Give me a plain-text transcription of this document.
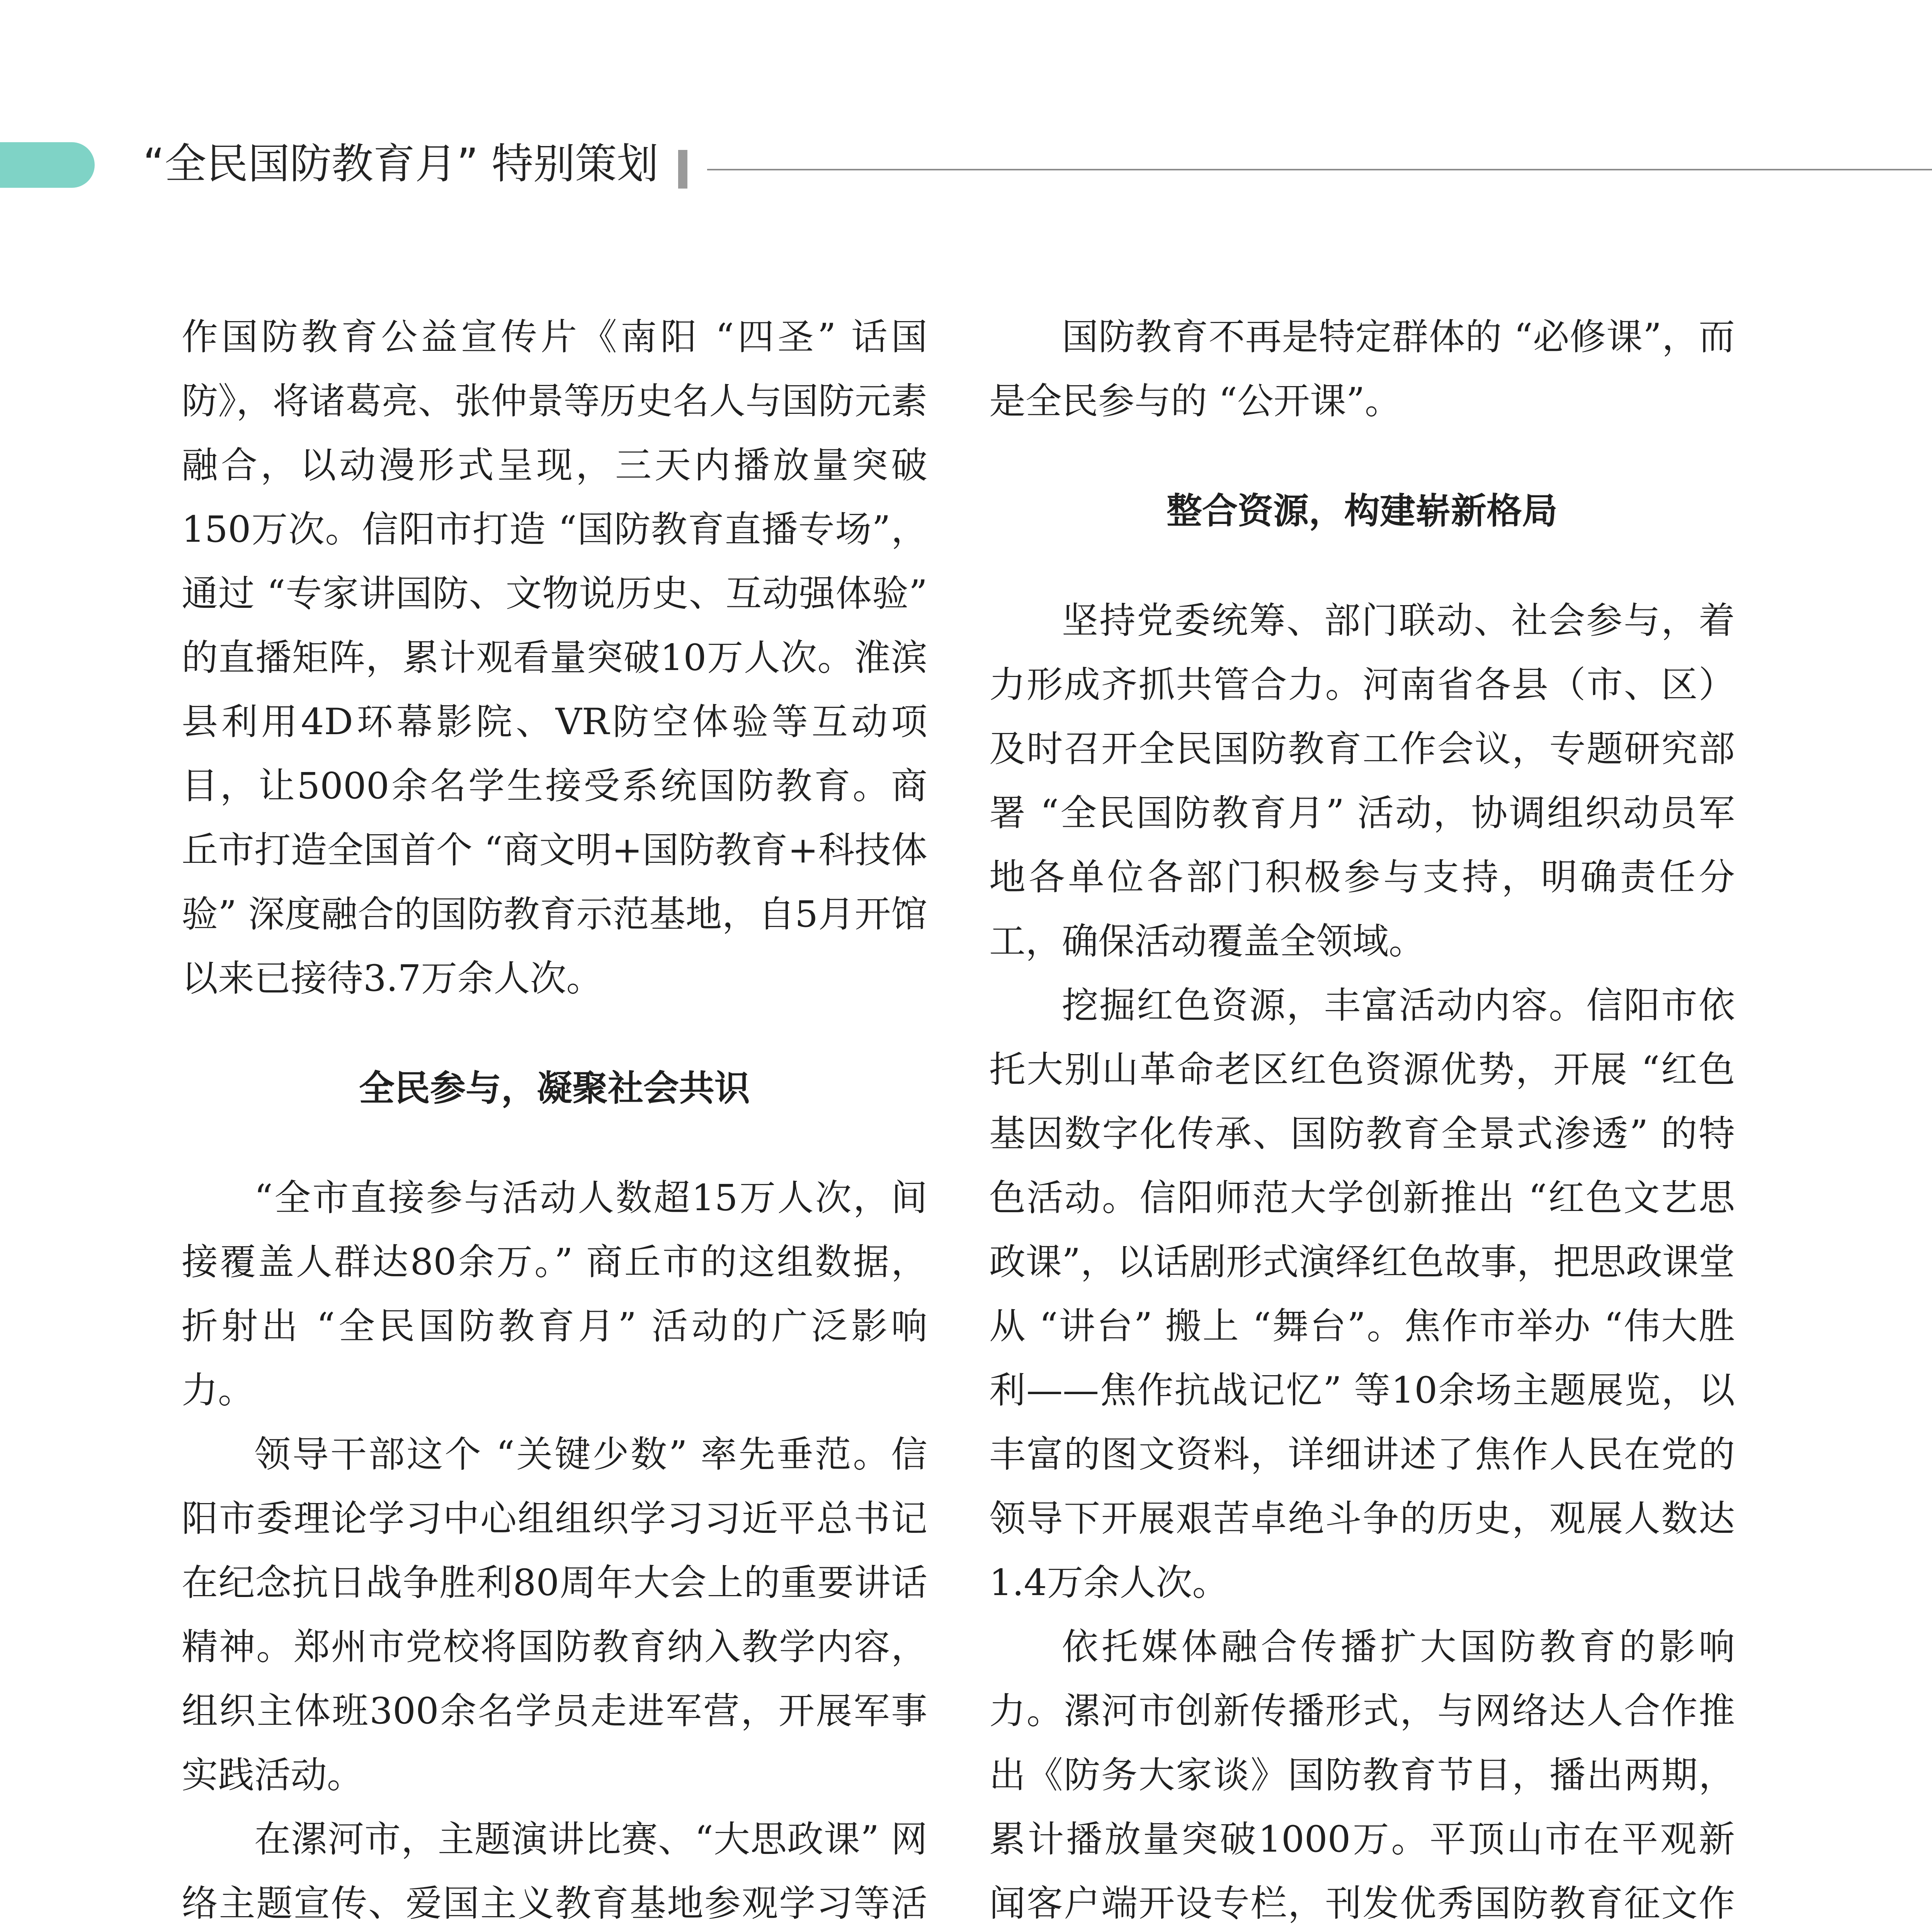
“全民国防教育月” 特别策划

作国防教育公益宣传片《南阳 “四圣” 话国防》，将诸葛亮、张仲景等历史名人与国防元素融合，以动漫形式呈现，三天内播放量突破150万次。信阳市打造 “国防教育直播专场”，通过 “专家讲国防、文物说历史、互动强体验” 的直播矩阵，累计观看量突破10万人次。淮滨县利用4D环幕影院、VR防空体验等互动项目，让5000余名学生接受系统国防教育。商丘市打造全国首个 “商文明+国防教育+科技体验” 深度融合的国防教育示范基地，自5月开馆以来已接待3.7万余人次。

全民参与，凝聚社会共识

“全市直接参与活动人数超15万人次，间接覆盖人群达80余万。” 商丘市的这组数据，折射出 “全民国防教育月” 活动的广泛影响力。

领导干部这个 “关键少数” 率先垂范。信阳市委理论学习中心组组织学习习近平总书记在纪念抗日战争胜利80周年大会上的重要讲话精神。郑州市党校将国防教育纳入教学内容，组织主体班300余名学员走进军营，开展军事实践活动。

在漯河市，主题演讲比赛、“大思政课” 网络主题宣传、爱国主义教育基地参观学习等活

国防教育不再是特定群体的 “必修课”，而是全民参与的 “公开课”。

整合资源，构建崭新格局

坚持党委统筹、部门联动、社会参与，着力形成齐抓共管合力。河南省各县（市、区）及时召开全民国防教育工作会议，专题研究部署 “全民国防教育月” 活动，协调组织动员军地各单位各部门积极参与支持，明确责任分工，确保活动覆盖全领域。

挖掘红色资源，丰富活动内容。信阳市依托大别山革命老区红色资源优势，开展 “红色基因数字化传承、国防教育全景式渗透” 的特色活动。信阳师范大学创新推出 “红色文艺思政课”，以话剧形式演绎红色故事，把思政课堂从 “讲台” 搬上 “舞台”。焦作市举办 “伟大胜利——焦作抗战记忆” 等10余场主题展览，以丰富的图文资料，详细讲述了焦作人民在党的领导下开展艰苦卓绝斗争的历史，观展人数达1.4万余人次。

依托媒体融合传播扩大国防教育的影响力。漯河市创新传播形式，与网络达人合作推出《防务大家谈》国防教育节目，播出两期，累计播放量突破1000万。平顶山市在平观新闻客户端开设专栏，刊发优秀国防教育征文作
